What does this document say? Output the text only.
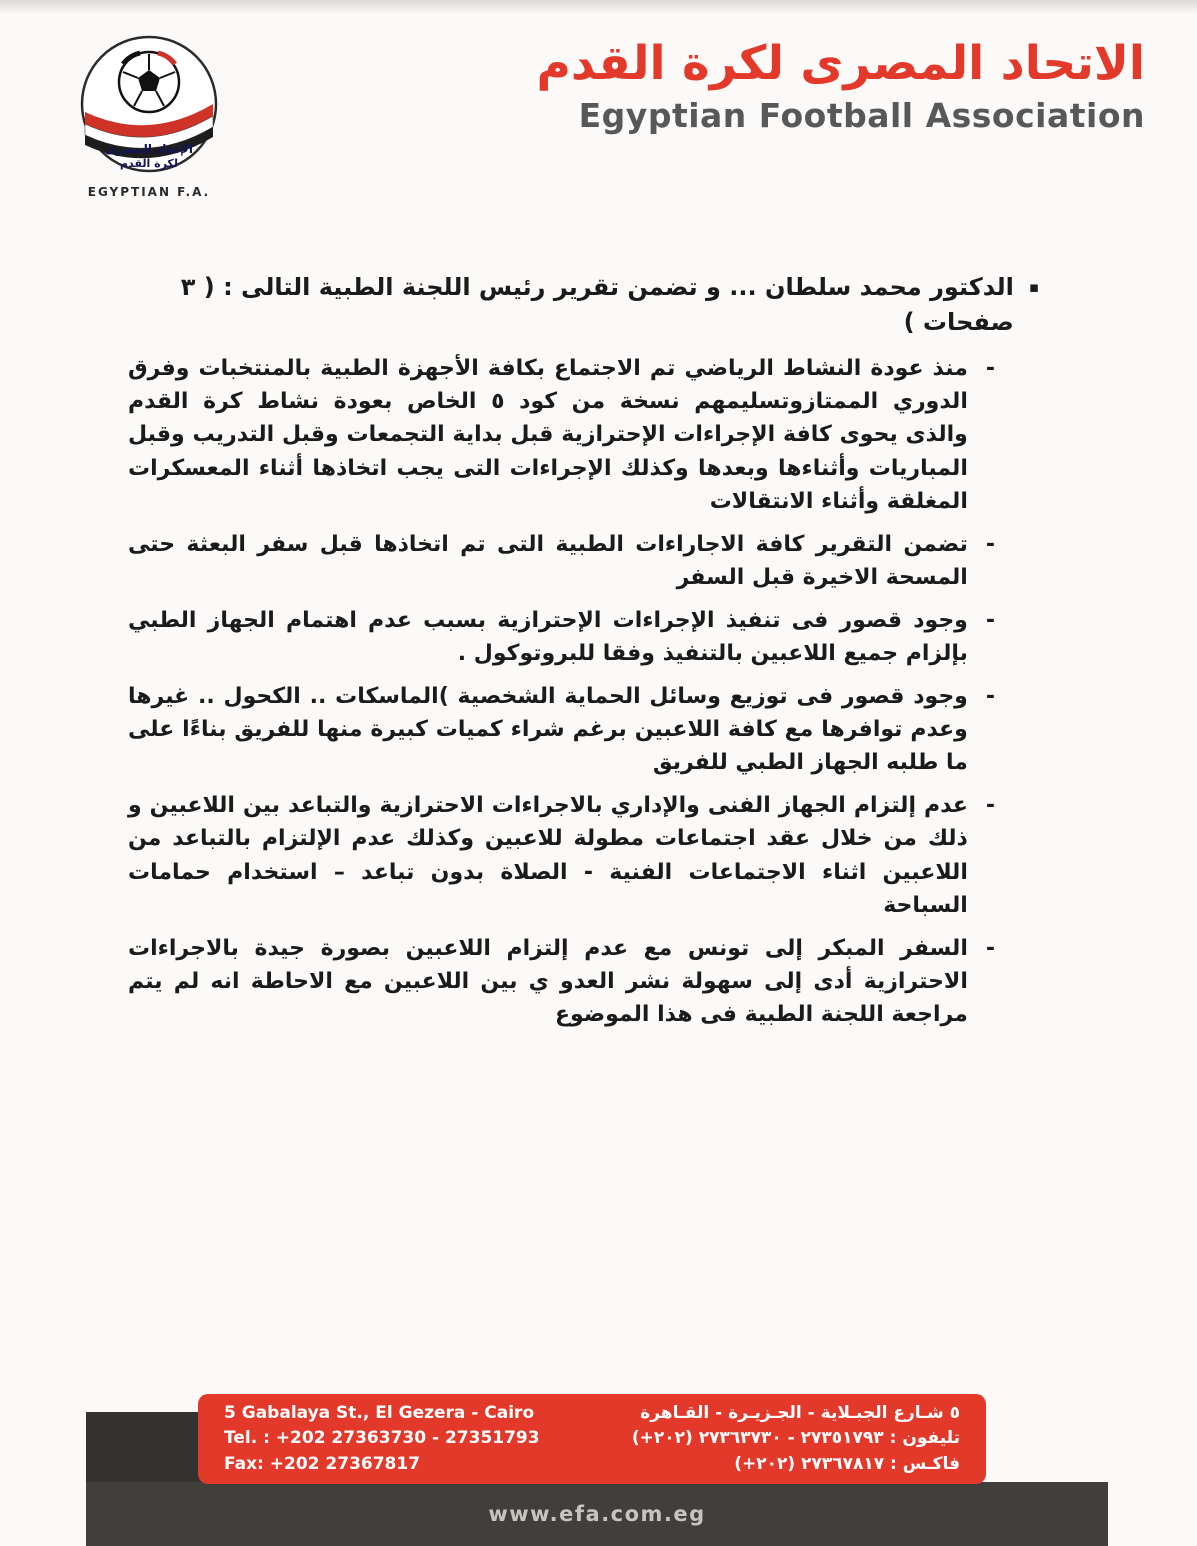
الإتحاد المصرى
لكرة القدم
EGYPTIAN F.A.
الاتحاد المصرى لكرة القدم
Egyptian Football Association
▪
الدكتور محمد سلطان ... و تضمن تقرير رئيس اللجنة الطبية التالى : ( ٣ صفحات )
-
منذ عودة النشاط الرياضي تم الاجتماع بكافة الأجهزة الطبية بالمنتخبات وفرق الدوري الممتازوتسليمهم نسخة من كود ٥ الخاص بعودة نشاط كرة القدم والذى يحوى كافة الإجراءات الإحترازية قبل بداية التجمعات وقبل التدريب وقبل المباريات وأثناءها وبعدها وكذلك الإجراءات التى يجب اتخاذها أثناء المعسكرات المغلقة وأثناء الانتقالات
-
تضمن التقرير كافة الاجاراءات الطبية التى تم اتخاذها قبل سفر البعثة حتى المسحة الاخيرة قبل السفر
-
وجود قصور فى تنفيذ الإجراءات الإحترازية بسبب عدم اهتمام الجهاز الطبي بإلزام جميع اللاعبين بالتنفيذ وفقا للبروتوكول .
-
وجود قصور فى توزيع وسائل الحماية الشخصية )الماسكات .. الكحول .. غيرها وعدم توافرها مع كافة اللاعبين برغم شراء كميات كبيرة منها للفريق بناءًا على ما طلبه الجهاز الطبي للفريق
-
عدم إلتزام الجهاز الفنى والإداري بالاجراءات الاحترازية والتباعد بين اللاعبين و ذلك من خلال عقد اجتماعات مطولة للاعبين وكذلك عدم الإلتزام بالتباعد من اللاعبين اثناء الاجتماعات الفنية - الصلاة بدون تباعد – استخدام حمامات السباحة
-
السفر المبكر إلى تونس مع عدم إلتزام اللاعبين بصورة جيدة بالاجراءات الاحترازية أدى إلى سهولة نشر العدو ي بين اللاعبين مع الاحاطة انه لم يتم مراجعة اللجنة الطبية فى هذا الموضوع
5 Gabalaya St., El Gezera - Cairo
Tel. : +202 27363730 - 27351793
Fax: +202 27367817
٥ شـارع الجبـلاية - الجـزيـرة - القـاهرة
تليفون : ٢٧٣٥١٧٩٣ - ٢٧٣٦٣٧٣٠ (٢٠٢+)
فاكـس : ٢٧٣٦٧٨١٧ (٢٠٢+)
www.efa.com.eg
